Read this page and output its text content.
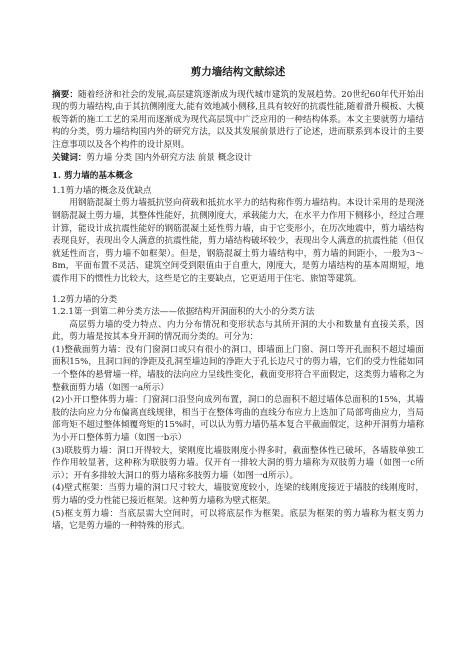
剪力墙结构文献综述

摘要：随着经济和社会的发展,高层建筑逐渐成为现代城市建筑的发展趋势。20世纪60年代开始出现的剪力墙结构,由于其抗侧刚度大,能有效地减小侧移,且具有较好的抗震性能,随着滑升模板、大模板等新的施工工艺的采用而逐渐成为现代高层筑中广泛应用的一种结构体系。本文主要就剪力墙结构的分类，剪力墙结构国内外的研究方法，以及其发展前景进行了论述，进而联系到本设计的主要注意事项以及各个构件的设计原则。

关键词：剪力墙 分类 国内外研究方法 前景 概念设计

1. 剪力墙的基本概念
1.1剪力墙的概念及优缺点

用钢筋混凝土剪力墙抵抗竖向荷载和抵抗水平力的结构称作剪力墙结构。本设计采用的是现浇钢筋混凝土剪力墙，其整体性能好，抗侧刚度大，承载能力大，在水平力作用下侧移小，经过合理计算，能设计成抗震性能好的钢筋混凝土延性剪力墙，由于它变形小，在历次地震中，剪力墙结构表现良好，表现出令人满意的抗震性能，剪力墙结构破坏较少，表现出令人满意的抗震性能（但仅就延性而言，剪力墙不如框架）。但是，钢筋混凝土剪力墙结构中，剪力墙的间距小，一般为3～8m，平面布置不灵活、建筑空间受到限值由于自重大，刚度大，是剪力墙结构的基本周期短，地震作用下的惯性力比较大，这些是它的主要缺点，它更适用于住宅、旅馆等建筑。

1.2剪力墙的分类
1.2.1第一到第二种分类方法——依据结构开洞面积的大小的分类方法

高层剪力墙的受力特点、内力分布情况和变形状态与其所开洞的大小和数量有直接关系，因此，剪力墙是按其本身开洞的情况而分类的。可分为：

(1)整截面剪力墙：没有门窗洞口或只有很小的洞口，即墙面上门窗、洞口等开孔面积不超过墙面面积15%，且洞口间的净距及孔洞至墙边间的净距大于孔长边尺寸的剪力墙，它们的受力性能如同一个整体的悬臂墙一样，墙肢的法向应力呈线性变化，截面变形符合平面假定，这类剪力墙称之为整截面剪力墙（如图一a所示）

(2)小开口整体剪力墙：门窗洞口沿竖向成列布置，洞口的总面积不超过墙体总面积的15%，其墙肢的法向应力分布偏离直线规律，相当于在整体弯曲的直线分布应力上迭加了局部弯曲应力，当局部弯矩不超过整体倾覆弯矩的15%时，可以认为剪力墙仍基本复合平截面假定，这种开洞剪力墙称为小开口整体剪力墙（如图一b示）

(3)联肢剪力墙：洞口开得较大，梁刚度比墙肢刚度小得多时，截面整体性已破坏，各墙肢单独工作作用较显著，这种称为联肢剪力墙。仅开有一排较大洞的剪力墙称为双肢剪力墙（如图一c所示）；开有多排较大洞口的剪力墙称多肢剪力墙（如图一d所示）。

(4)壁式框架：当剪力墙的洞口尺寸较大，墙肢宽度较小，连梁的线刚度接近于墙肢的线刚度时，剪力墙的受力性能已接近框架。这种剪力墙称为壁式框架。

(5)框支剪力墙：当底层需大空间时，可以将底层作为框架。底层为框架的剪力墙称为框支剪力墙，它是剪力墙的一种特殊的形式。
